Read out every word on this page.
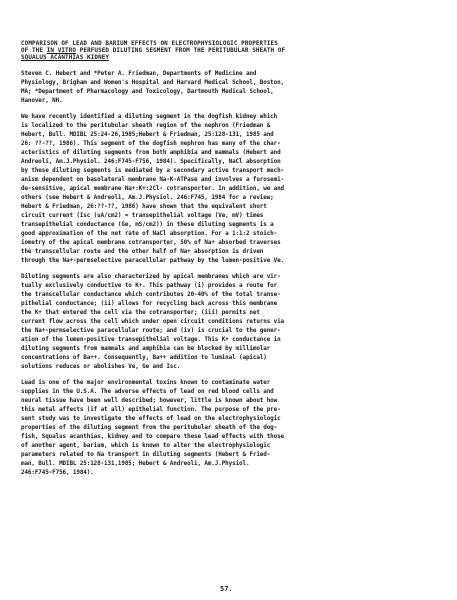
COMPARISON OF LEAD AND BARIUM EFFECTS ON ELECTROPHYSIOLOGIC PROPERTIES
OF THE IN VITRO PERFUSED DILUTING SEGMENT FROM THE PERITUBULAR SHEATH OF
SQUALUS ACANTHIAS KIDNEY
Steven C. Hebert and *Peter A. Friedman, Departments of Medicine and
Physiology, Brigham and Women's Hospital and Harvard Medical School, Boston,
MA; *Department of Pharmacology and Toxicology, Dartmouth Medical School,
Hanover, NH.
We have recently identified a diluting segment in the dogfish kidney which
is localized to the peritubular sheath region of the nephron (Friedman &
Hebert, Bull. MDIBL 25:24-26,1985;Hebert & Friedman, 25:128-131, 1985 and
26: ??-??, 1986). This segment of the dogfish nephron has many of the char-
acteristics of diluting segments from both amphibia and mammals (Hebert and
Andreoli, Am.J.Physiol. 246:F745-F756, 1984). Specifically, NaCl absorption
by these diluting segments is mediated by a secondary active transport mech-
anism dependent on basolateral membrane Na-K-ATPase and involves a furosemi-
de-sensitive, apical membrane Na+:K+:2Cl- cotransporter. In addition, we and
others (see Hebert & Andreoli, Am.J.Physiol. 246:F745, 1984 for a review;
Hebert & Friedman, 26:??-??, 1986) have shown that the equivalent short
circuit current (Isc (uA/cm2) = transepithelial voltage (Ve, mV) times
transepithelial conductance (Ge, mS/cm2)) in these diluting segments is a
good approximation of the net rate of NaCl absorption. For a 1:1:2 stoich-
iometry of the apical membrane cotransporter, 50% of Na+ absorbed traverses
the transcellular route and the other half of Na+ absorption is driven
through the Na+-permselective paracellular pathway by the lumen-positive Ve.
Diluting segments are also characterized by apical membranes which are vir-
tually exclusively conductive to K+. This pathway (i) provides a route for
the transcellular conductance which contributes 20-40% of the total transe-
pithelial conductance; (ii) allows for recycling back across this membrane
the K+ that entered the cell via the cotransporter; (iii) permits net
current flow across the cell which under open circuit conditions returns via
the Na+-permselective paracellular route; and (iv) is crucial to the gener-
ation of the lumen-positive transepithelial voltage. This K+ conductance in
diluting segments from mammals and amphibia can be blocked by millimolar
concentrations of Ba++. Consequently, Ba++ addition to luminal (apical)
solutions reduces or abolishes Ve, Ge and Isc.
Lead is one of the major environmental toxins known to contaminate water
supplies in the U.S.A. The adverse effects of lead on red blood cells and
neural tissue have been well described; however, little is known about how
this metal affects (if at all) epithelial function. The purpose of the pre-
sent study was to investigate the effects of lead on the electrophysiologic
properties of the diluting segment from the peritubular sheath of the dog-
fish, Squalus acanthias, kidney and to compare these lead effects with those
of another agent, barium, which is known to alter the electrophysiologic
parameters related to Na transport in diluting segments (Hebert & Fried-
man, Bull. MDIBL 25:128-131,1985; Hebert & Andreoli, Am.J.Physiol.
246:F745-F756, 1984).
57.
